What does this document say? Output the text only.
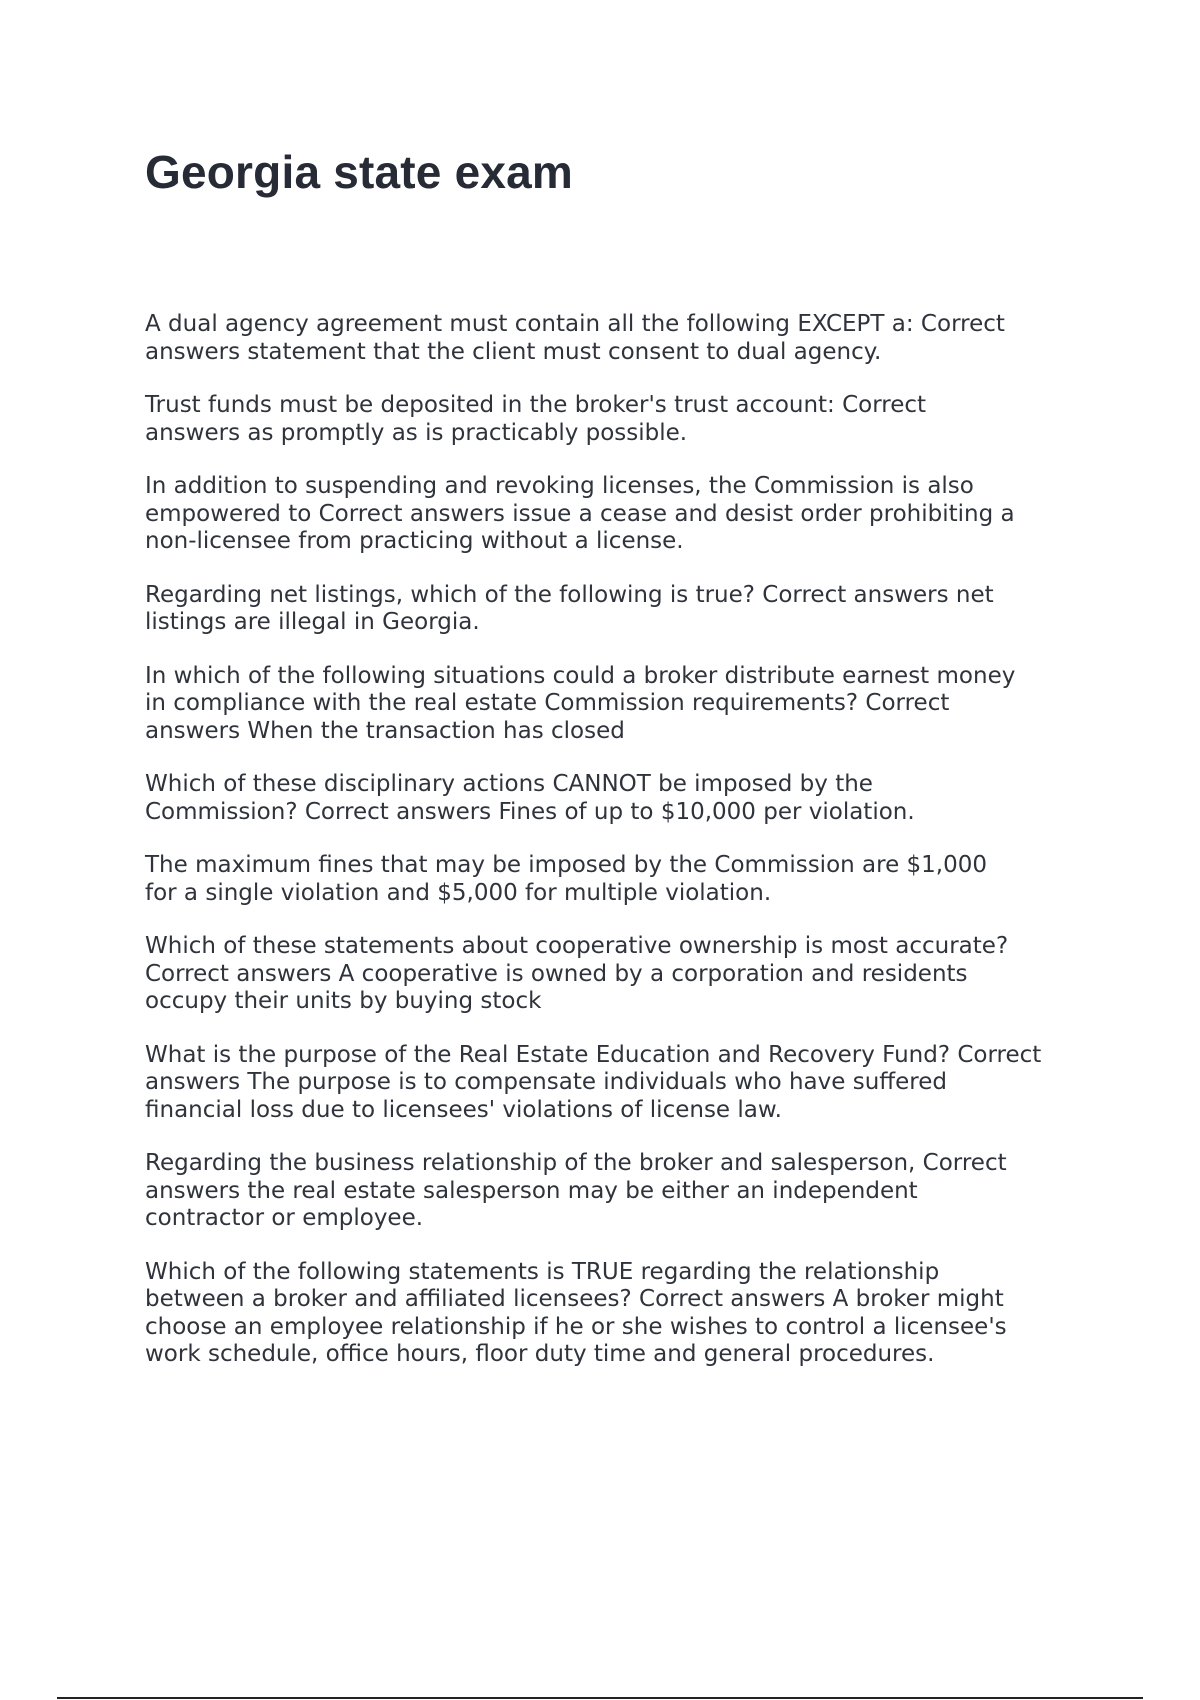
Georgia state exam

A dual agency agreement must contain all the following EXCEPT a: Correct
answers statement that the client must consent to dual agency.

Trust funds must be deposited in the broker's trust account: Correct
answers as promptly as is practicably possible.

In addition to suspending and revoking licenses, the Commission is also
empowered to Correct answers issue a cease and desist order prohibiting a
non-licensee from practicing without a license.

Regarding net listings, which of the following is true? Correct answers net
listings are illegal in Georgia.

In which of the following situations could a broker distribute earnest money
in compliance with the real estate Commission requirements? Correct
answers When the transaction has closed

Which of these disciplinary actions CANNOT be imposed by the
Commission? Correct answers Fines of up to $10,000 per violation.

The maximum fines that may be imposed by the Commission are $1,000
for a single violation and $5,000 for multiple violation.

Which of these statements about cooperative ownership is most accurate?
Correct answers A cooperative is owned by a corporation and residents
occupy their units by buying stock

What is the purpose of the Real Estate Education and Recovery Fund? Correct
answers The purpose is to compensate individuals who have suffered
financial loss due to licensees' violations of license law.

Regarding the business relationship of the broker and salesperson, Correct
answers the real estate salesperson may be either an independent
contractor or employee.

Which of the following statements is TRUE regarding the relationship
between a broker and affiliated licensees? Correct answers A broker might
choose an employee relationship if he or she wishes to control a licensee's
work schedule, office hours, floor duty time and general procedures.
